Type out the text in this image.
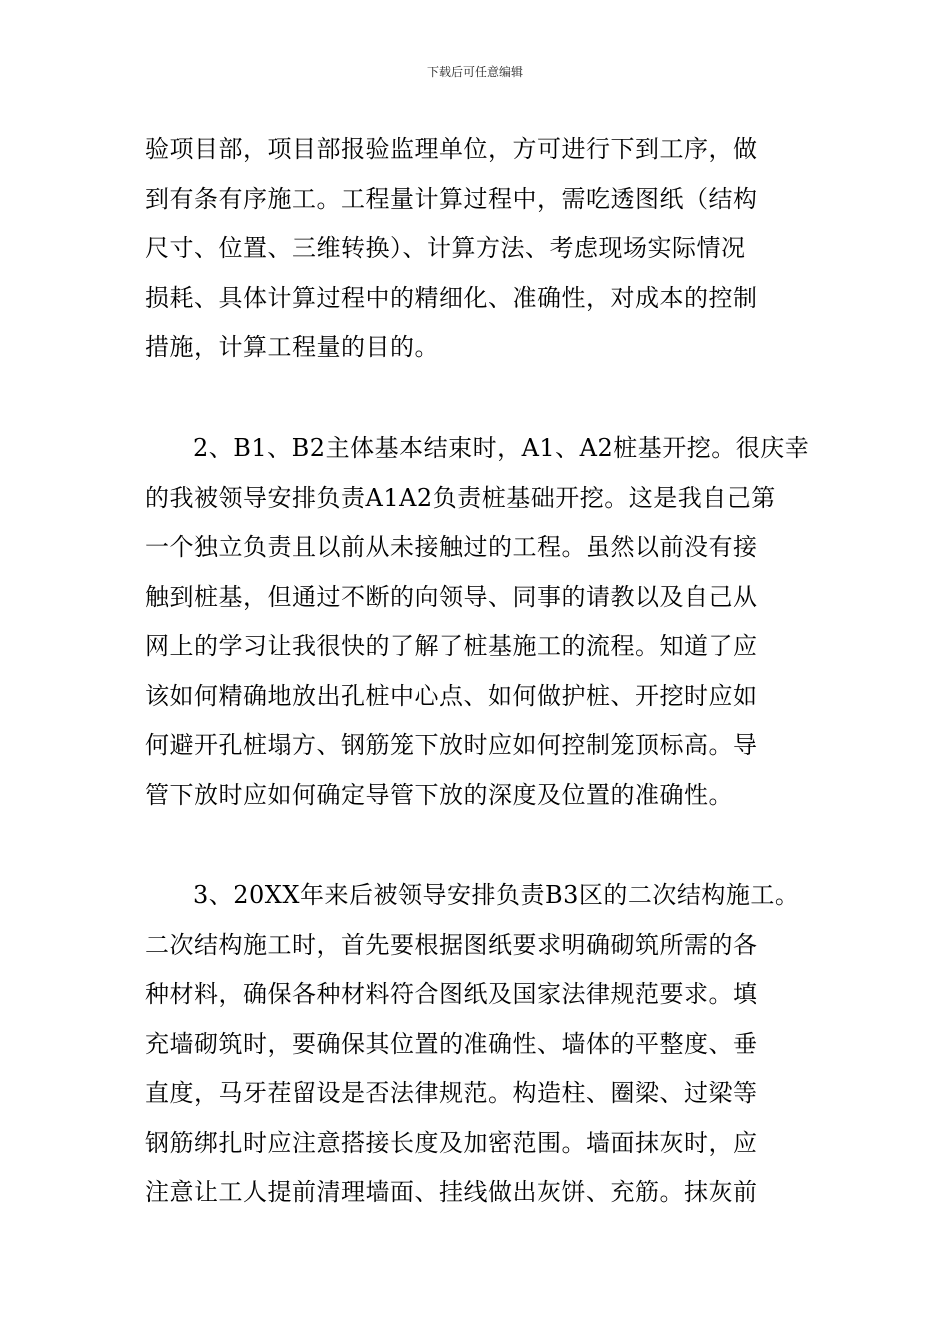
下载后可任意编辑
验项目部，项目部报验监理单位，方可进行下到工序，做
到有条有序施工。工程量计算过程中，需吃透图纸（结构
尺寸、位置、三维转换）、计算方法、考虑现场实际情况
损耗、具体计算过程中的精细化、准确性，对成本的控制
措施，计算工程量的目的。
2、B1、B2主体基本结束时，A1、A2桩基开挖。很庆幸
的我被领导安排负责A1A2负责桩基础开挖。这是我自己第
一个独立负责且以前从未接触过的工程。虽然以前没有接
触到桩基，但通过不断的向领导、同事的请教以及自己从
网上的学习让我很快的了解了桩基施工的流程。知道了应
该如何精确地放出孔桩中心点、如何做护桩、开挖时应如
何避开孔桩塌方、钢筋笼下放时应如何控制笼顶标高。导
管下放时应如何确定导管下放的深度及位置的准确性。
3、20XX年来后被领导安排负责B3区的二次结构施工。
二次结构施工时，首先要根据图纸要求明确砌筑所需的各
种材料，确保各种材料符合图纸及国家法律规范要求。填
充墙砌筑时，要确保其位置的准确性、墙体的平整度、垂
直度，马牙茬留设是否法律规范。构造柱、圈梁、过梁等
钢筋绑扎时应注意搭接长度及加密范围。墙面抹灰时，应
注意让工人提前清理墙面、挂线做出灰饼、充筋。抹灰前
